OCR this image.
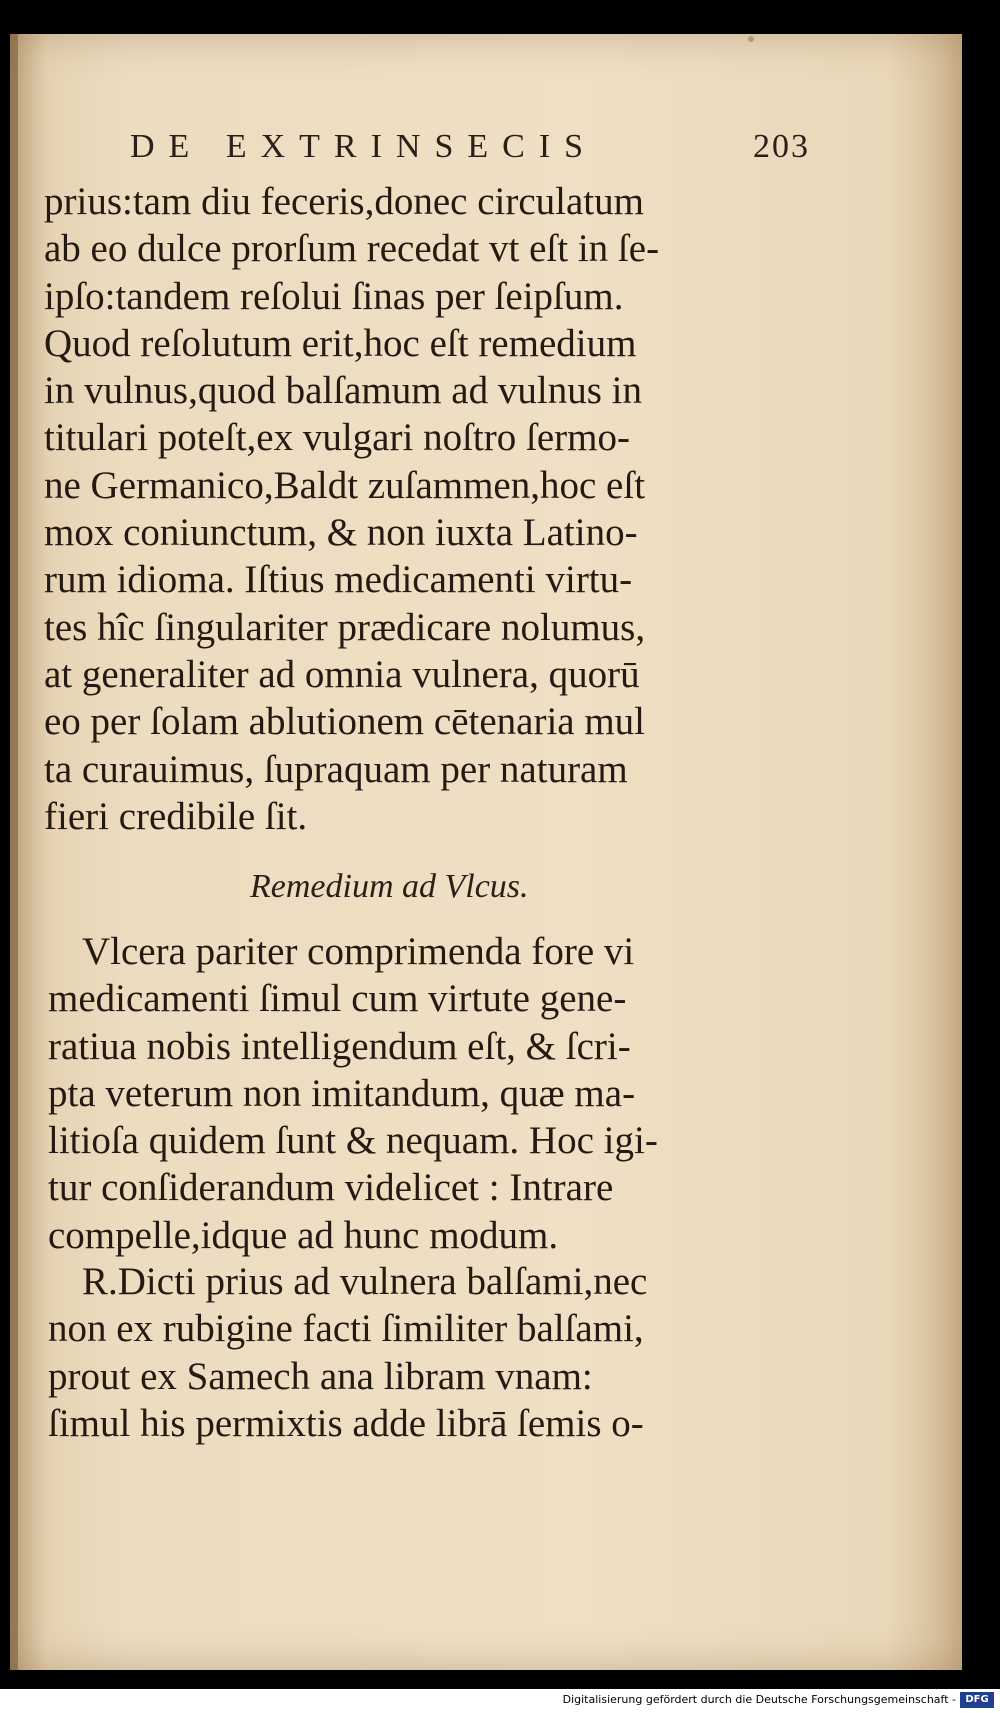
DE EXTRINSECIS	203
prius:tam diu feceris,donec circulatum
ab eo dulce prorſum recedat vt eſt in ſe-
ipſo:tandem reſolui ſinas per ſeipſum.
Quod reſolutum erit,hoc eſt remedium
in vulnus,quod balſamum ad vulnus in
titulari poteſt,ex vulgari noſtro ſermo-
ne Germanico,Baldt zuſammen,hoc eſt
mox coniunctum, & non iuxta Latino-
rum idioma. Iſtius medicamenti virtu-
tes hîc ſingulariter prædicare nolumus,
at generaliter ad omnia vulnera, quorū
eo per ſolam ablutionem cētenaria mul
ta curauimus, ſupraquam per naturam
fieri credibile ſit.
Remedium ad Vlcus.
Vlcera pariter comprimenda fore vi
medicamenti ſimul cum virtute gene-
ratiua nobis intelligendum eſt, & ſcri-
pta veterum non imitandum, quæ ma-
litioſa quidem ſunt & nequam. Hoc igi-
tur conſiderandum videlicet : Intrare
compelle,idque ad hunc modum.
R.Dicti prius ad vulnera balſami,nec
non ex rubigine facti ſimiliter balſami,
prout ex Samech ana libram vnam:
ſimul his permixtis adde librā ſemis o-
Digitalisierung gefördert durch die Deutsche Forschungsgemeinschaft - DFG
